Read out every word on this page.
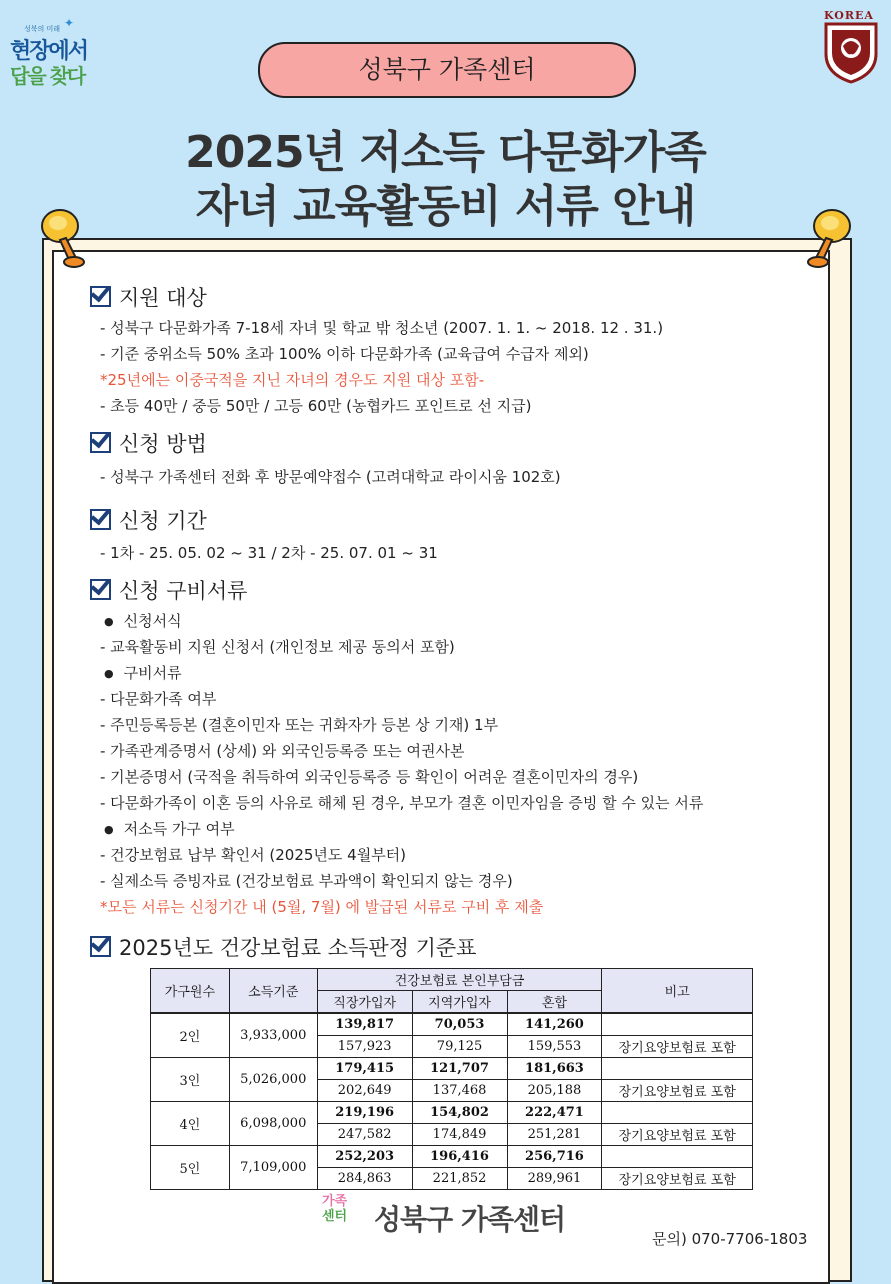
✦
성북의 미래
현장에서
답을 찾다
KOREA
성북구 가족센터
2025년 저소득 다문화가족
자녀 교육활동비 서류 안내
지원 대상
- 성북구 다문화가족 7-18세 자녀 및 학교 밖 청소년 (2007. 1. 1. ~ 2018. 12 . 31.)
- 기준 중위소득 50% 초과 100% 이하 다문화가족 (교육급여 수급자 제외)
*25년에는 이중국적을 지닌 자녀의 경우도 지원 대상 포함-
- 초등 40만 / 중등 50만 / 고등 60만 (농협카드 포인트로 선 지급)
신청 방법
- 성북구 가족센터 전화 후 방문예약접수 (고려대학교 라이시움 102호)
신청 기간
- 1차 - 25. 05. 02 ~ 31 / 2차 - 25. 07. 01 ~ 31
신청 구비서류
● 신청서식
- 교육활동비 지원 신청서 (개인정보 제공 동의서 포함)
● 구비서류
- 다문화가족 여부
- 주민등록등본 (결혼이민자 또는 귀화자가 등본 상 기재) 1부
- 가족관계증명서 (상세) 와 외국인등록증 또는 여권사본
- 기본증명서 (국적을 취득하여 외국인등록증 등 확인이 어려운 결혼이민자의 경우)
- 다문화가족이 이혼 등의 사유로 해체 된 경우, 부모가 결혼 이민자임을 증빙 할 수 있는 서류
● 저소득 가구 여부
- 건강보험료 납부 확인서 (2025년도 4월부터)
- 실제소득 증빙자료 (건강보험료 부과액이 확인되지 않는 경우)
*모든 서류는 신청기간 내 (5월, 7월) 에 발급된 서류로 구비 후 제출
2025년도 건강보험료 소득판정 기준표
가구원수	소득기준	건강보험료 본인부담금			비고
		직장가입자	지역가입자	혼합	
2인	3,933,000	139,817	70,053	141,260	
		157,923	79,125	159,553	장기요양보험료 포함
3인	5,026,000	179,415	121,707	181,663	
		202,649	137,468	205,188	장기요양보험료 포함
4인	6,098,000	219,196	154,802	222,471	
		247,582	174,849	251,281	장기요양보험료 포함
5인	7,109,000	252,203	196,416	256,716	
		284,863	221,852	289,961	장기요양보험료 포함
가족
센터 성북구 가족센터
문의) 070-7706-1803
